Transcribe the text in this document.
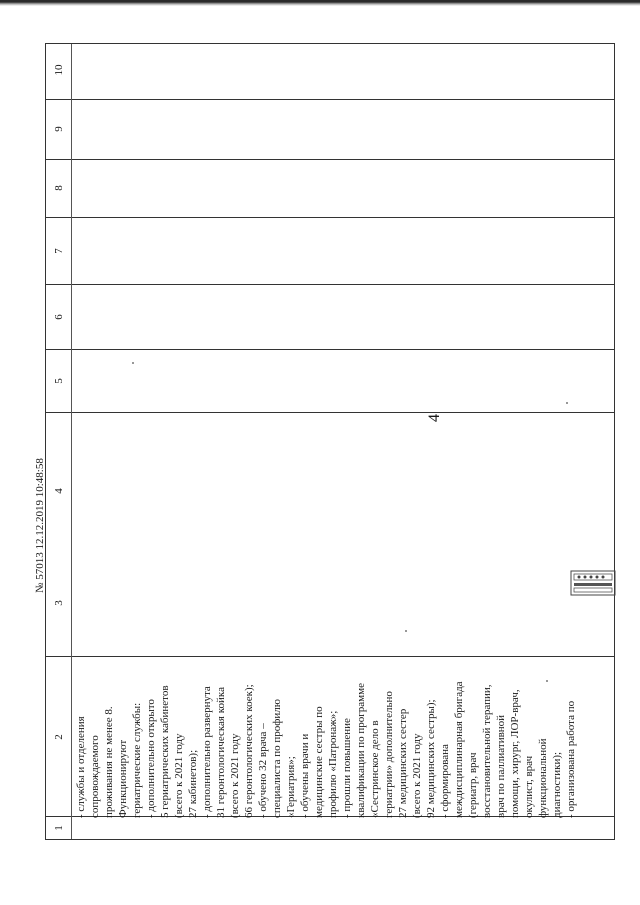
4
1
2
3
4
5
6
7
8
9
10
- службы и отделения сопровождаемого проживания не менее 8. Функционируют гериатрические службы: - дополнительно открыто 5 гериатрических кабинетов (всего к 2021 году 27 кабинетов); - дополнительно развернута 31 геронтологическая койка (всего к 2021 году 66 геронтологических коек); - обучено 32 врача – специалиста по профилю «Гериатрия»; - обучены врачи и медицинские сестры по профилю «Патронаж»; - прошли повышение квалификации по программе «Сестринское дело в гериатрии» дополнительно 27 медицинских сестер (всего к 2021 году 92 медицинских сестры); - сформирована междисциплинарная бригада (гериатр, врач восстановительной терапии, врач по паллиативной помощи, хирург, ЛОР-врач, окулист, врач функциональной диагностики); - организована работа по
№ 57013 12.12.2019 10:48:58
